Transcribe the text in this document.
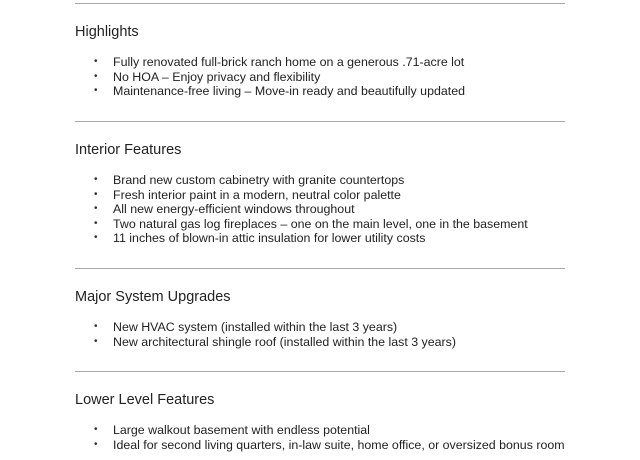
Highlights
• Fully renovated full-brick ranch home on a generous .71-acre lot
• No HOA – Enjoy privacy and flexibility
• Maintenance-free living – Move-in ready and beautifully updated
Interior Features
• Brand new custom cabinetry with granite countertops
• Fresh interior paint in a modern, neutral color palette
• All new energy-efficient windows throughout
• Two natural gas log fireplaces – one on the main level, one in the basement
• 11 inches of blown-in attic insulation for lower utility costs
Major System Upgrades
• New HVAC system (installed within the last 3 years)
• New architectural shingle roof (installed within the last 3 years)
Lower Level Features
• Large walkout basement with endless potential
• Ideal for second living quarters, in-law suite, home office, or oversized bonus room
